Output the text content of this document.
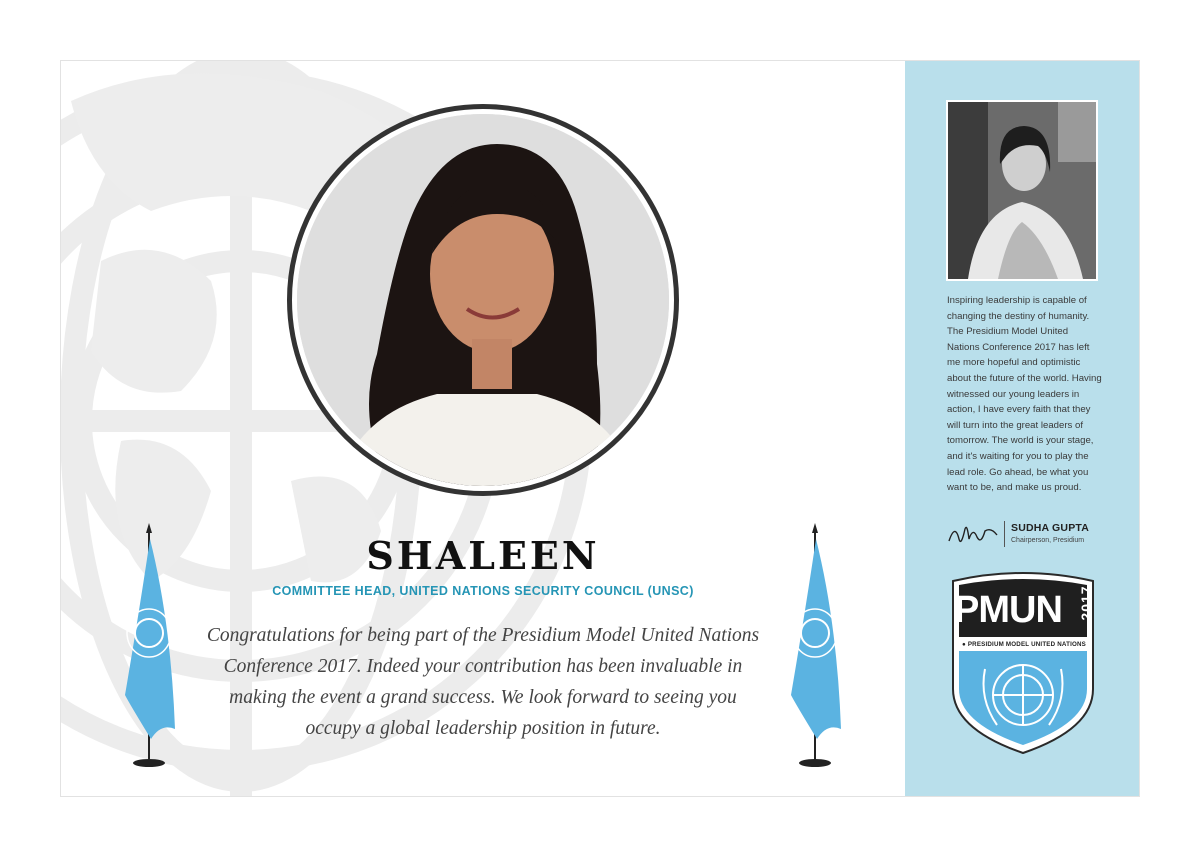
SHALEEN
COMMITTEE HEAD, UNITED NATIONS SECURITY COUNCIL (UNSC)
Congratulations for being part of the Presidium Model United Nations Conference 2017. Indeed your contribution has been invaluable in making the event a grand success. We look forward to seeing you occupy a global leadership position in future.
Inspiring leadership is capable of changing the destiny of humanity. The Presidium Model United Nations Conference 2017 has left me more hopeful and optimistic about the future of the world. Having witnessed our young leaders in action, I have every faith that they will turn into the great leaders of tomorrow. The world is your stage, and it's waiting for you to play the lead role. Go ahead, be what you want to be, and make us proud.
SUDHA GUPTA
Chairperson, Presidium
PMUN	2017
● PRESIDIUM MODEL UNITED NATIONS
